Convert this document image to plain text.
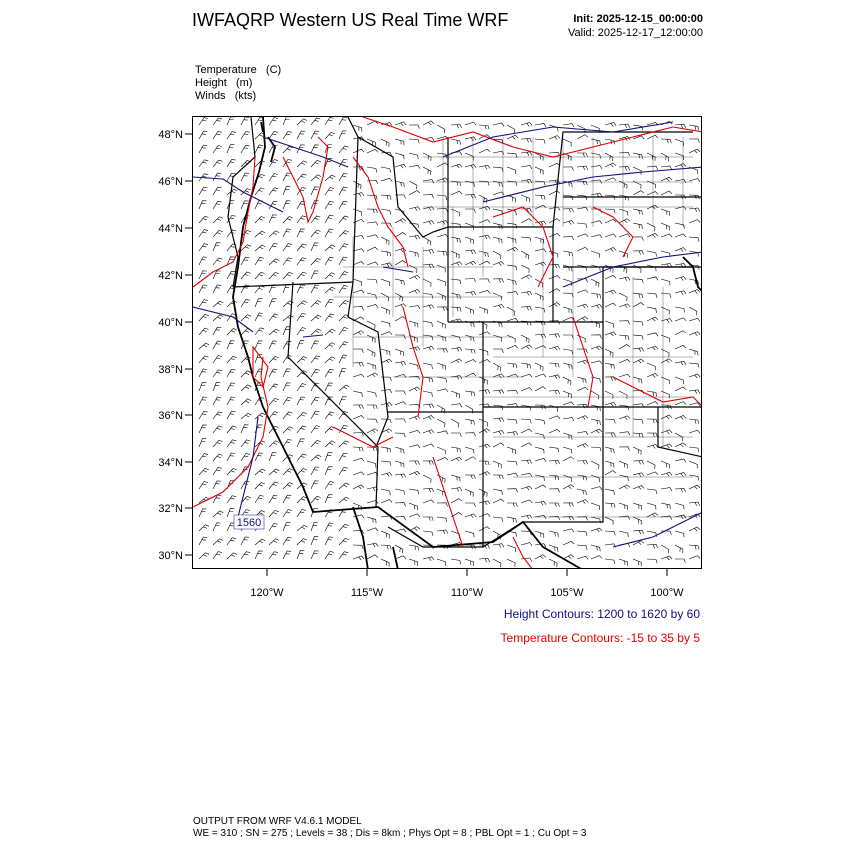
IWFAQRP Western US Real Time WRF	Init: 2025-12-15_00:00:00
Valid: 2025-12-17_12:00:00
Temperature   (C)
Height   (m)
Winds   (kts)
1560
48°N
46°N
44°N
42°N
40°N
38°N
36°N
34°N
32°N
30°N
120°W	115°W	110°W	105°W	100°W
Height Contours: 1200 to 1620 by 60
Temperature Contours: -15 to 35 by 5
OUTPUT FROM WRF V4.6.1 MODEL
WE = 310 ; SN = 275 ; Levels = 38 ; Dis = 8km ; Phys Opt = 8 ; PBL Opt = 1 ; Cu Opt = 3
